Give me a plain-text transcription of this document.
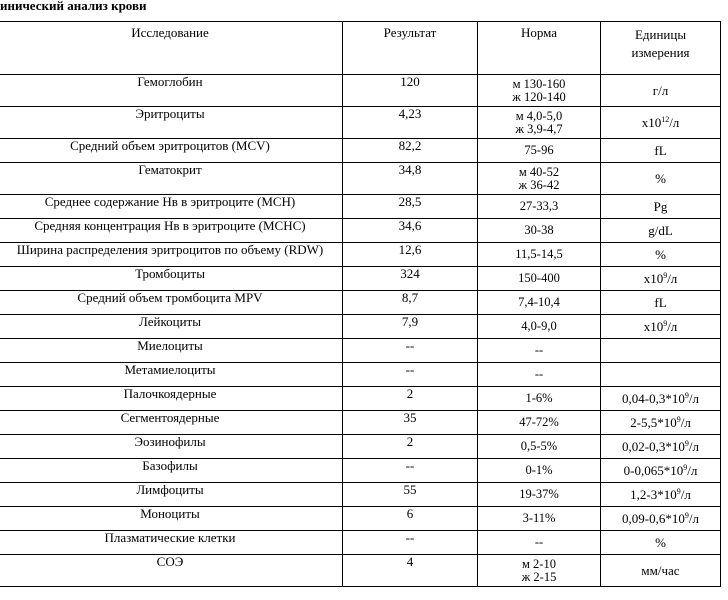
инический анализ крови
Исследование	Результат	Норма	Единицы
измерения

Гемоглобин	120	м 130-160
ж 120-140	г/л

Эритроциты	4,23	м 4,0-5,0
ж 3,9-4,7	$х10^{12}/л$

Средний объем эритроцитов (MCV)	82,2	75-96	fL

Гематокрит	34,8	м 40-52
ж 36-42	%

Среднее содержание Нв в эритроците (МСН)	28,5	27-33,3	Pg

Средняя концентрация Нв в эритроците (МСНС)	34,6	30-38	g/dL

Ширина распределения эритроцитов по объему (RDW)	12,6	11,5-14,5	%

Тромбоциты	324	150-400	$х10^9/л$

Средний объем тромбоцита MPV	8,7	7,4-10,4	fL

Лейкоциты	7,9	4,0-9,0	$х10^9/л$

Миелоциты	--	--	

Метамиелоциты	--	--	

Палочкоядерные	2	1-6%	$0,04-0,3*10^9/л$

Сегментоядерные	35	47-72%	$2-5,5*10^9/л$

Эозинофилы	2	0,5-5%	$0,02-0,3*10^9/л$

Базофилы	--	0-1%	$0-0,065*10^9/л$

Лимфоциты	55	19-37%	$1,2-3*10^9/л$

Моноциты	6	3-11%	$0,09-0,6*10^9/л$

Плазматические клетки	--	--	%

СОЭ	4	м 2-10
ж 2-15	мм/час
